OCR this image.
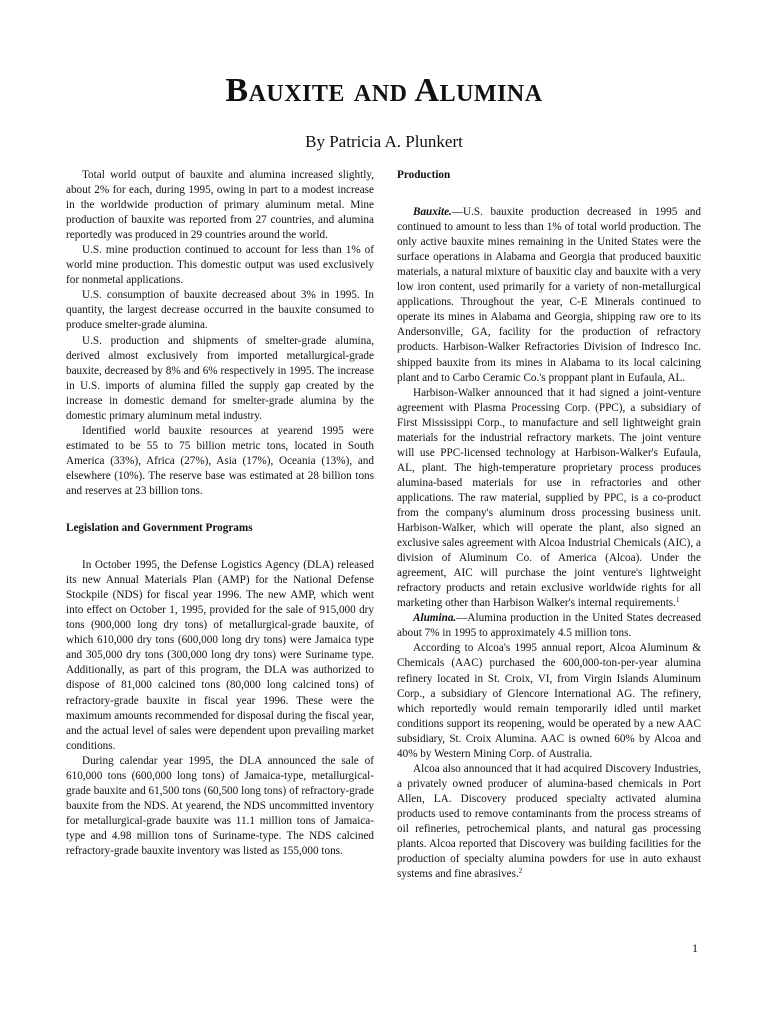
Bauxite and Alumina
By Patricia A. Plunkert

Total world output of bauxite and alumina increased slightly, about 2% for each, during 1995, owing in part to a modest increase in the worldwide production of primary aluminum metal. Mine production of bauxite was reported from 27 countries, and alumina reportedly was produced in 29 countries around the world.

U.S. mine production continued to account for less than 1% of world mine production. This domestic output was used exclusively for nonmetal applications.

U.S. consumption of bauxite decreased about 3% in 1995. In quantity, the largest decrease occurred in the bauxite consumed to produce smelter-grade alumina.

U.S. production and shipments of smelter-grade alumina, derived almost exclusively from imported metallurgical-grade bauxite, decreased by 8% and 6% respectively in 1995. The increase in U.S. imports of alumina filled the supply gap created by the increase in domestic demand for smelter-grade alumina by the domestic primary aluminum metal industry.

Identified world bauxite resources at yearend 1995 were estimated to be 55 to 75 billion metric tons, located in South America (33%), Africa (27%), Asia (17%), Oceania (13%), and elsewhere (10%). The reserve base was estimated at 28 billion tons and reserves at 23 billion tons.

Legislation and Government Programs

In October 1995, the Defense Logistics Agency (DLA) released its new Annual Materials Plan (AMP) for the National Defense Stockpile (NDS) for fiscal year 1996. The new AMP, which went into effect on October 1, 1995, provided for the sale of 915,000 dry tons (900,000 long dry tons) of metallurgical-grade bauxite, of which 610,000 dry tons (600,000 long dry tons) were Jamaica type and 305,000 dry tons (300,000 long dry tons) were Suriname type. Additionally, as part of this program, the DLA was authorized to dispose of 81,000 calcined tons (80,000 long calcined tons) of refractory-grade bauxite in fiscal year 1996. These were the maximum amounts recommended for disposal during the fiscal year, and the actual level of sales were dependent upon prevailing market conditions.

During calendar year 1995, the DLA announced the sale of 610,000 tons (600,000 long tons) of Jamaica-type, metallurgical-grade bauxite and 61,500 tons (60,500 long tons) of refractory-grade bauxite from the NDS. At yearend, the NDS uncommitted inventory for metallurgical-grade bauxite was 11.1 million tons of Jamaica-type and 4.98 million tons of Suriname-type. The NDS calcined refractory-grade bauxite inventory was listed as 155,000 tons.

Production

Bauxite.—U.S. bauxite production decreased in 1995 and continued to amount to less than 1% of total world production. The only active bauxite mines remaining in the United States were the surface operations in Alabama and Georgia that produced bauxitic materials, a natural mixture of bauxitic clay and bauxite with a very low iron content, used primarily for a variety of non-metallurgical applications. Throughout the year, C-E Minerals continued to operate its mines in Alabama and Georgia, shipping raw ore to its Andersonville, GA, facility for the production of refractory products. Harbison-Walker Refractories Division of Indresco Inc. shipped bauxite from its mines in Alabama to its local calcining plant and to Carbo Ceramic Co.'s proppant plant in Eufaula, AL.

Harbison-Walker announced that it had signed a joint-venture agreement with Plasma Processing Corp. (PPC), a subsidiary of First Mississippi Corp., to manufacture and sell lightweight grain materials for the industrial refractory markets. The joint venture will use PPC-licensed technology at Harbison-Walker's Eufaula, AL, plant. The high-temperature proprietary process produces alumina-based materials for use in refractories and other applications. The raw material, supplied by PPC, is a co-product from the company's aluminum dross processing business unit. Harbison-Walker, which will operate the plant, also signed an exclusive sales agreement with Alcoa Industrial Chemicals (AIC), a division of Aluminum Co. of America (Alcoa). Under the agreement, AIC will purchase the joint venture's lightweight refractory products and retain exclusive worldwide rights for all marketing other than Harbison Walker's internal requirements.$^1$

Alumina.—Alumina production in the United States decreased about 7% in 1995 to approximately 4.5 million tons.

According to Alcoa's 1995 annual report, Alcoa Aluminum & Chemicals (AAC) purchased the 600,000-ton-per-year alumina refinery located in St. Croix, VI, from Virgin Islands Aluminum Corp., a subsidiary of Glencore International AG. The refinery, which reportedly would remain temporarily idled until market conditions support its reopening, would be operated by a new AAC subsidiary, St. Croix Alumina. AAC is owned 60% by Alcoa and 40% by Western Mining Corp. of Australia.

Alcoa also announced that it had acquired Discovery Industries, a privately owned producer of alumina-based chemicals in Port Allen, LA. Discovery produced specialty activated alumina products used to remove contaminants from the process streams of oil refineries, petrochemical plants, and natural gas processing plants. Alcoa reported that Discovery was building facilities for the production of specialty alumina powders for use in auto exhaust systems and fine abrasives.$^2$

1
